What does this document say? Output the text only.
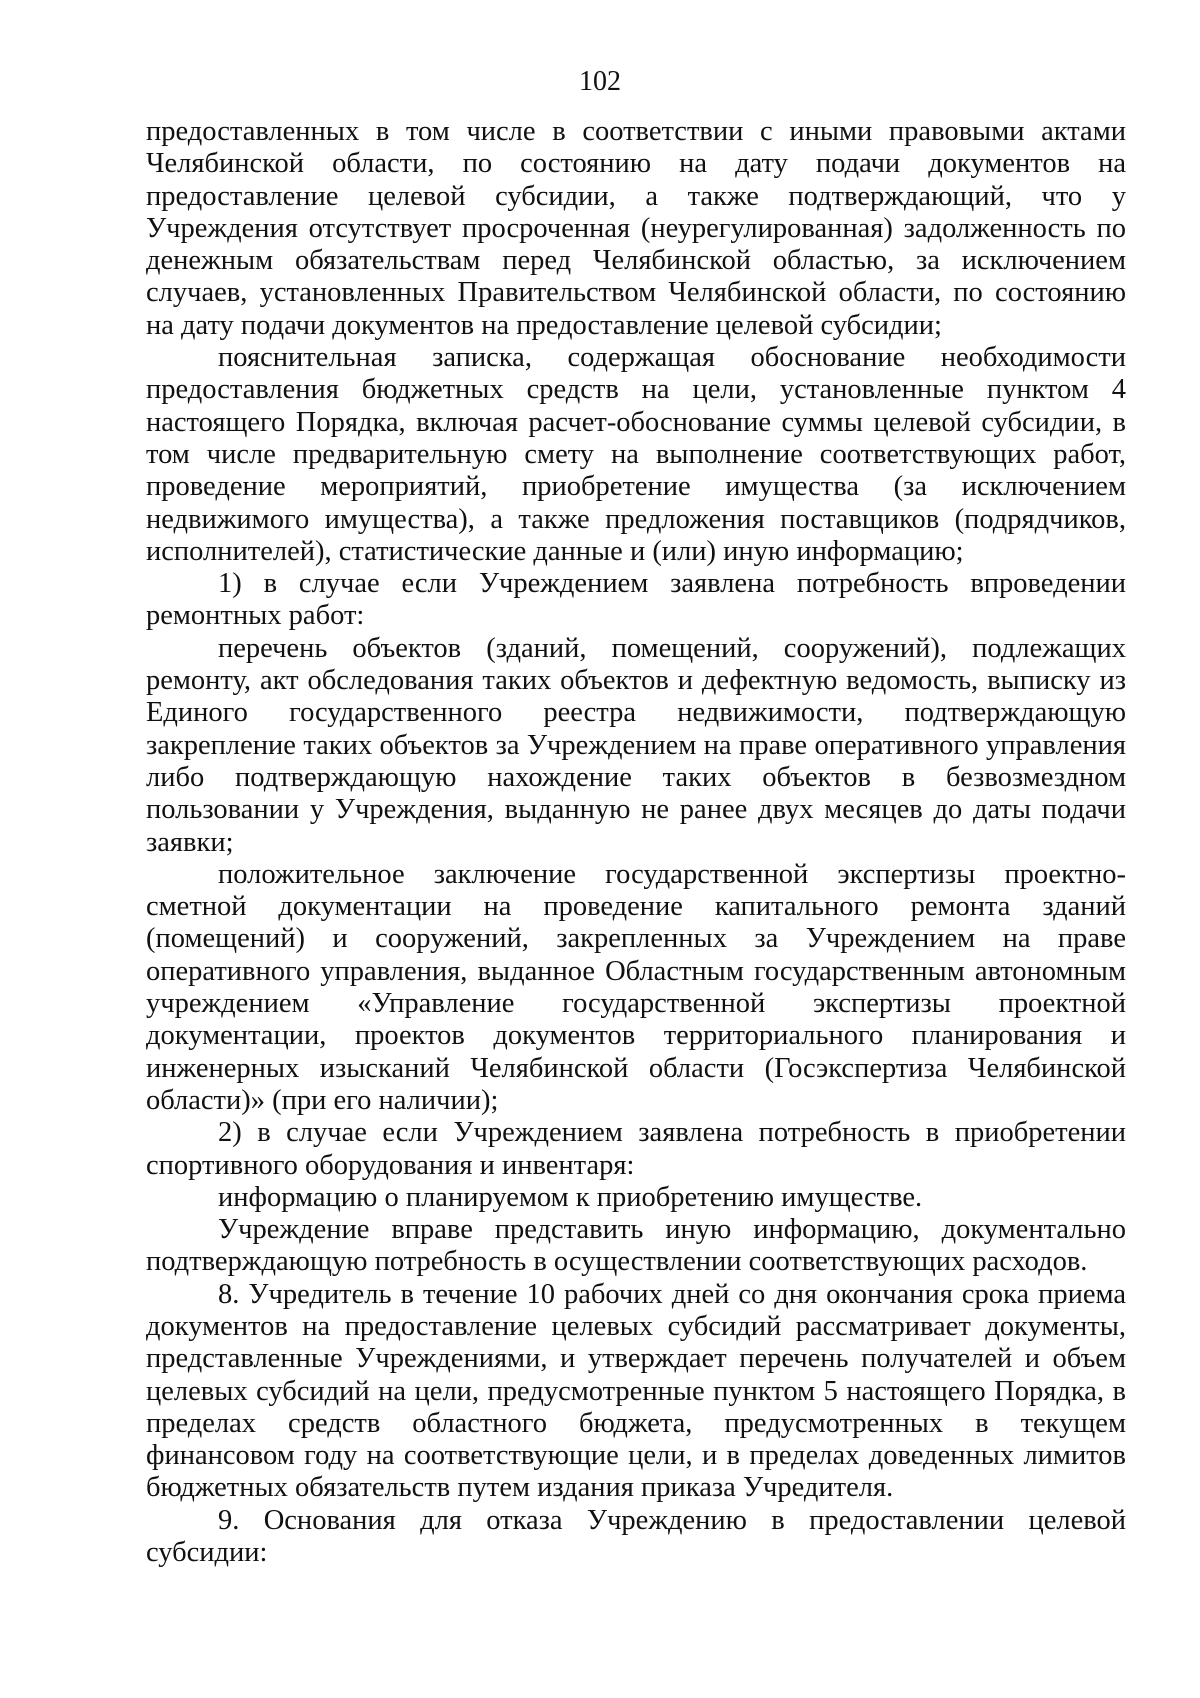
102

предоставленных в том числе в соответствии с иными правовыми актами Челябинской области, по состоянию на дату подачи документов на предоставление целевой субсидии, а также подтверждающий, что у Учреждения отсутствует просроченная (неурегулированная) задолженность по денежным обязательствам перед Челябинской областью, за исключением случаев, установленных Правительством Челябинской области, по состоянию на дату подачи документов на предоставление целевой субсидии;

пояснительная записка, содержащая обоснование необходимости предоставления бюджетных средств на цели, установленные пунктом 4 настоящего Порядка, включая расчет-обоснование суммы целевой субсидии, в том числе предварительную смету на выполнение соответствующих работ, проведение мероприятий, приобретение имущества (за исключением недвижимого имущества), а также предложения поставщиков (подрядчиков, исполнителей), статистические данные и (или) иную информацию;

1) в случае если Учреждением заявлена потребность впроведении ремонтных работ:

перечень объектов (зданий, помещений, сооружений), подлежащих ремонту, акт обследования таких объектов и дефектную ведомость, выписку из Единого государственного реестра недвижимости, подтверждающую закрепление таких объектов за Учреждением на праве оперативного управления либо подтверждающую нахождение таких объектов в безвозмездном пользовании у Учреждения, выданную не ранее двух месяцев до даты подачи заявки;

положительное заключение государственной экспертизы проектно-сметной документации на проведение капитального ремонта зданий (помещений) и сооружений, закрепленных за Учреждением на праве оперативного управления, выданное Областным государственным автономным учреждением «Управление государственной экспертизы проектной документации, проектов документов территориального планирования и инженерных изысканий Челябинской области (Госэкспертиза Челябинской области)» (при его наличии);

2) в случае если Учреждением заявлена потребность в приобретении спортивного оборудования и инвентаря:

информацию о планируемом к приобретению имуществе.

Учреждение вправе представить иную информацию, документально подтверждающую потребность в осуществлении соответствующих расходов.

8. Учредитель в течение 10 рабочих дней со дня окончания срока приема документов на предоставление целевых субсидий рассматривает документы, представленные Учреждениями, и утверждает перечень получателей и объем целевых субсидий на цели, предусмотренные пунктом 5 настоящего Порядка, в пределах средств областного бюджета, предусмотренных в текущем финансовом году на соответствующие цели, и в пределах доведенных лимитов бюджетных обязательств путем издания приказа Учредителя.

9. Основания для отказа Учреждению в предоставлении целевой субсидии:
